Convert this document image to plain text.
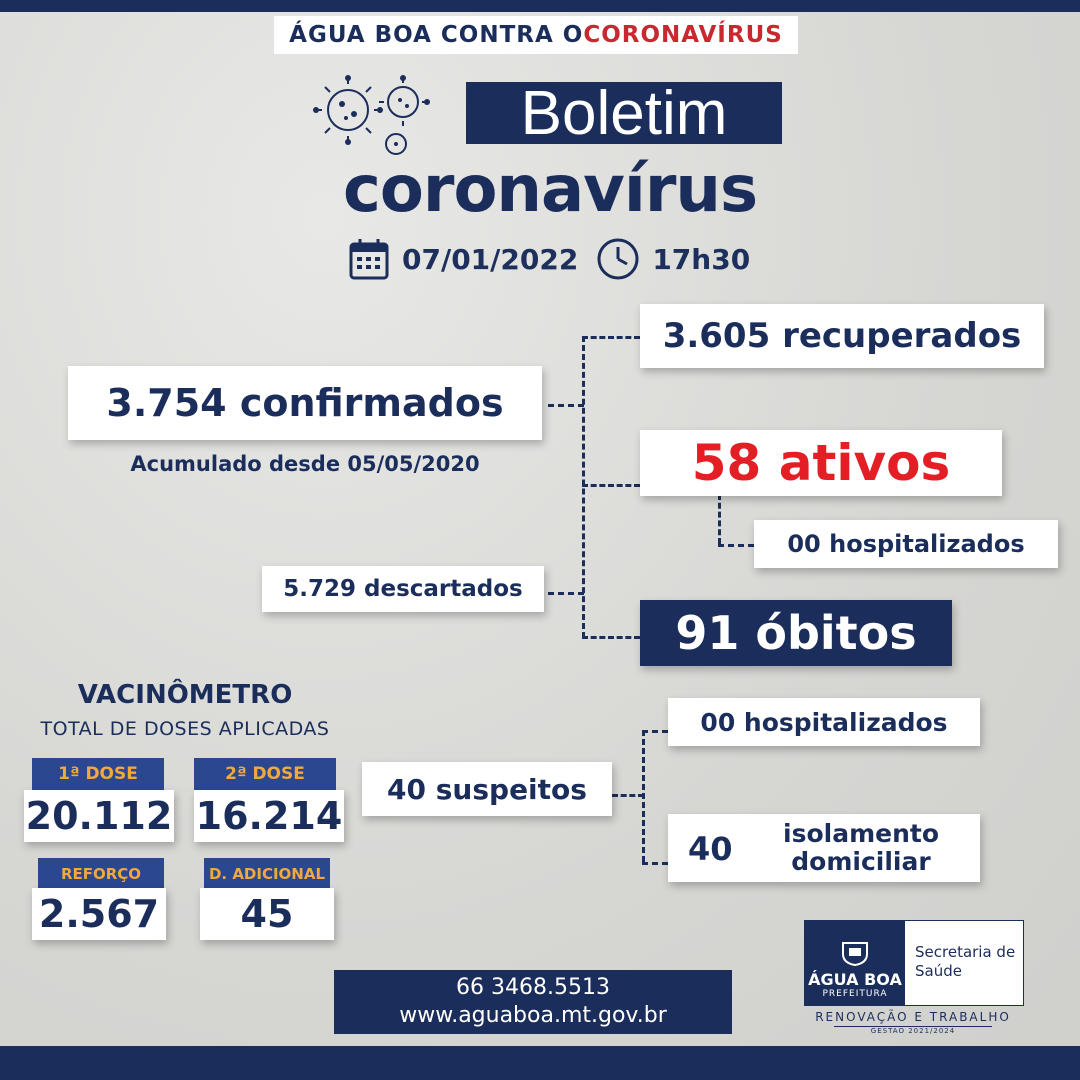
ÁGUA BOA CONTRA O CORONAVÍRUS
Boletim
coronavírus
07/01/2022	17h30
3.754 confirmados
Acumulado desde 05/05/2020
3.605 recuperados
58 ativos
00 hospitalizados
5.729 descartados
91 óbitos
VACINÔMETRO
TOTAL DE DOSES APLICADAS
1ª DOSE
20.112
2ª DOSE
16.214
REFORÇO
2.567
D. ADICIONAL
45
40 suspeitos
00 hospitalizados
40	isolamento
domiciliar
66 3468.5513
www.aguaboa.mt.gov.br
ÁGUA BOA
PREFEITURA
Secretaria de
Saúde
RENOVAÇÃO E TRABALHO
GESTÃO 2021/2024
